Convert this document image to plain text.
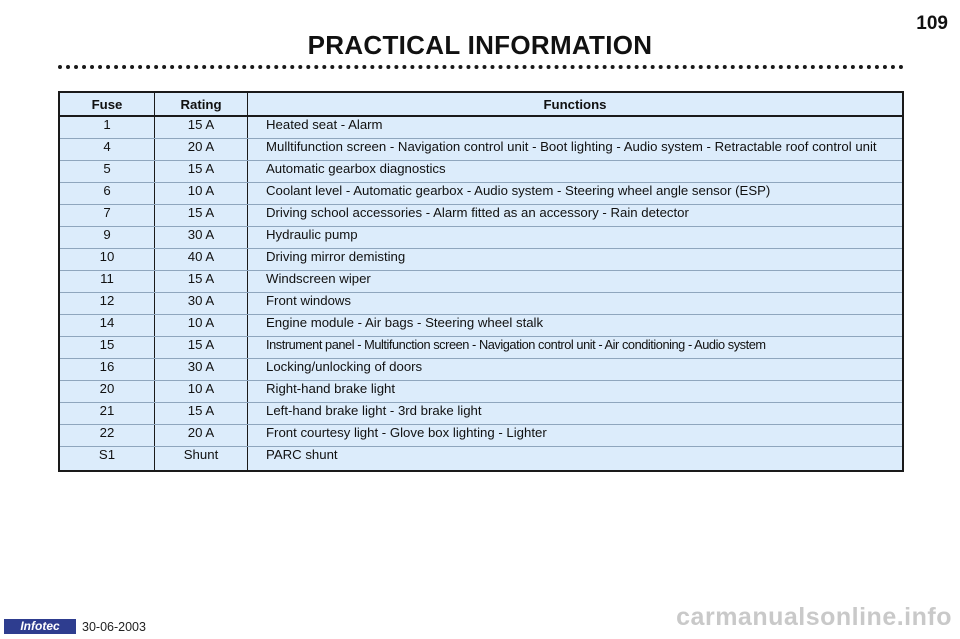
109
PRACTICAL INFORMATION
Fuse	Rating	Functions
1	15 A	Heated seat - Alarm
4	20 A	Mulltifunction screen - Navigation control unit - Boot lighting - Audio system - Retractable roof control unit
5	15 A	Automatic gearbox diagnostics
6	10 A	Coolant level - Automatic gearbox - Audio system - Steering wheel angle sensor (ESP)
7	15 A	Driving school accessories - Alarm fitted as an accessory - Rain detector
9	30 A	Hydraulic pump
10	40 A	Driving mirror demisting
11	15 A	Windscreen wiper
12	30 A	Front windows
14	10 A	Engine module - Air bags - Steering wheel stalk
15	15 A	Instrument panel - Multifunction screen - Navigation control unit - Air conditioning - Audio system
16	30 A	Locking/unlocking of doors
20	10 A	Right-hand brake light
21	15 A	Left-hand brake light - 3rd brake light
22	20 A	Front courtesy light - Glove box lighting - Lighter
S1	Shunt	PARC shunt
Infotec	30-06-2003	carmanualsonline.info
